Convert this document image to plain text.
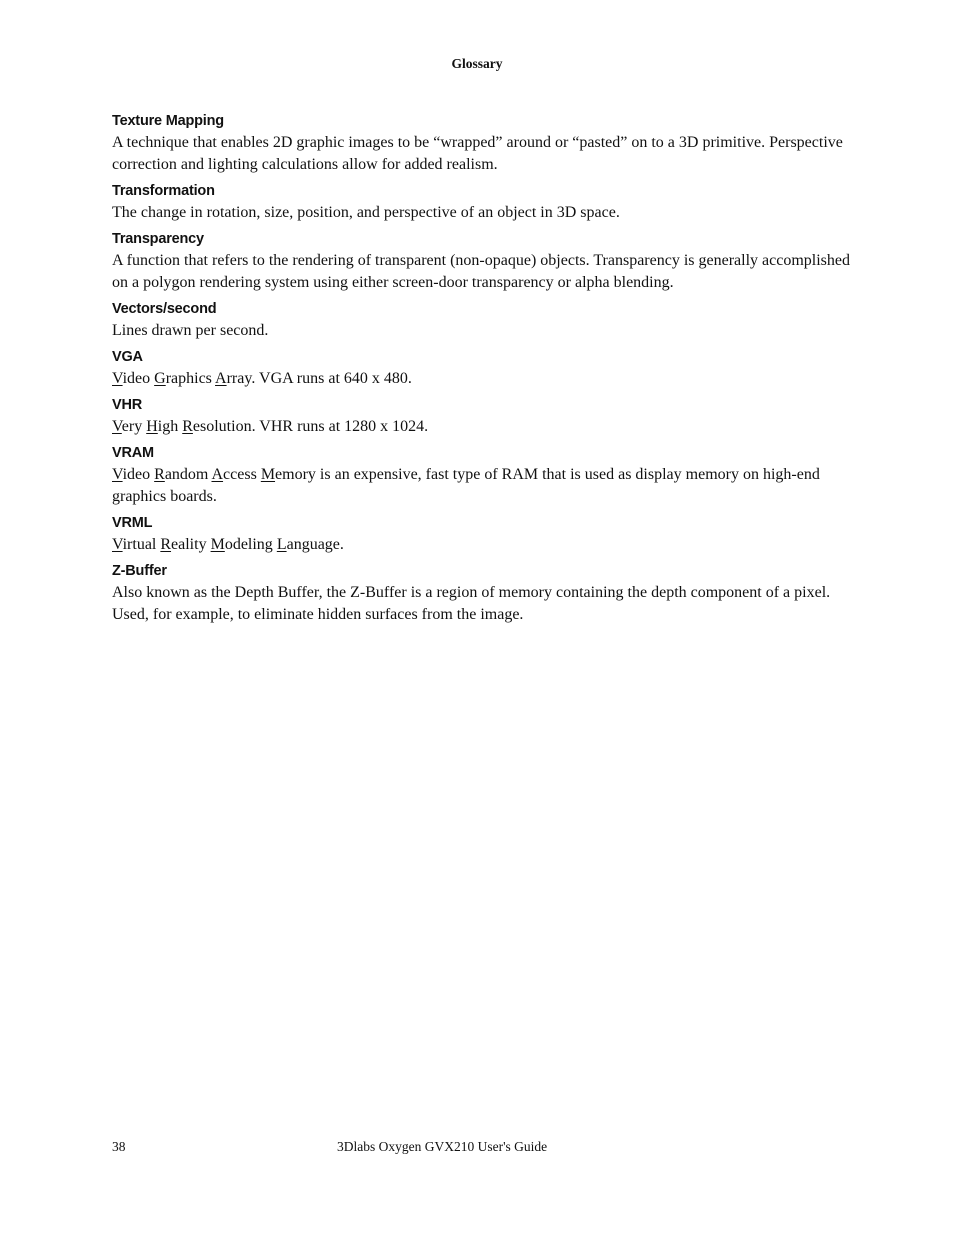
Glossary
Texture Mapping

A technique that enables 2D graphic images to be “wrapped” around or “pasted” on to a 3D primitive. Perspective correction and lighting calculations allow for added realism.

Transformation

The change in rotation, size, position, and perspective of an object in 3D space.

Transparency

A function that refers to the rendering of transparent (non-opaque) objects. Transparency is generally accomplished on a polygon rendering system using either screen-door transparency or alpha blending.

Vectors/second

Lines drawn per second.

VGA

Video Graphics Array. VGA runs at 640 x 480.

VHR

Very High Resolution. VHR runs at 1280 x 1024.

VRAM

Video Random Access Memory is an expensive, fast type of RAM that is used as display memory on high-end graphics boards.

VRML

Virtual Reality Modeling Language.

Z-Buffer

Also known as the Depth Buffer, the Z-Buffer is a region of memory containing the depth component of a pixel. Used, for example, to eliminate hidden surfaces from the image.

38	3Dlabs Oxygen GVX210 User's Guide
